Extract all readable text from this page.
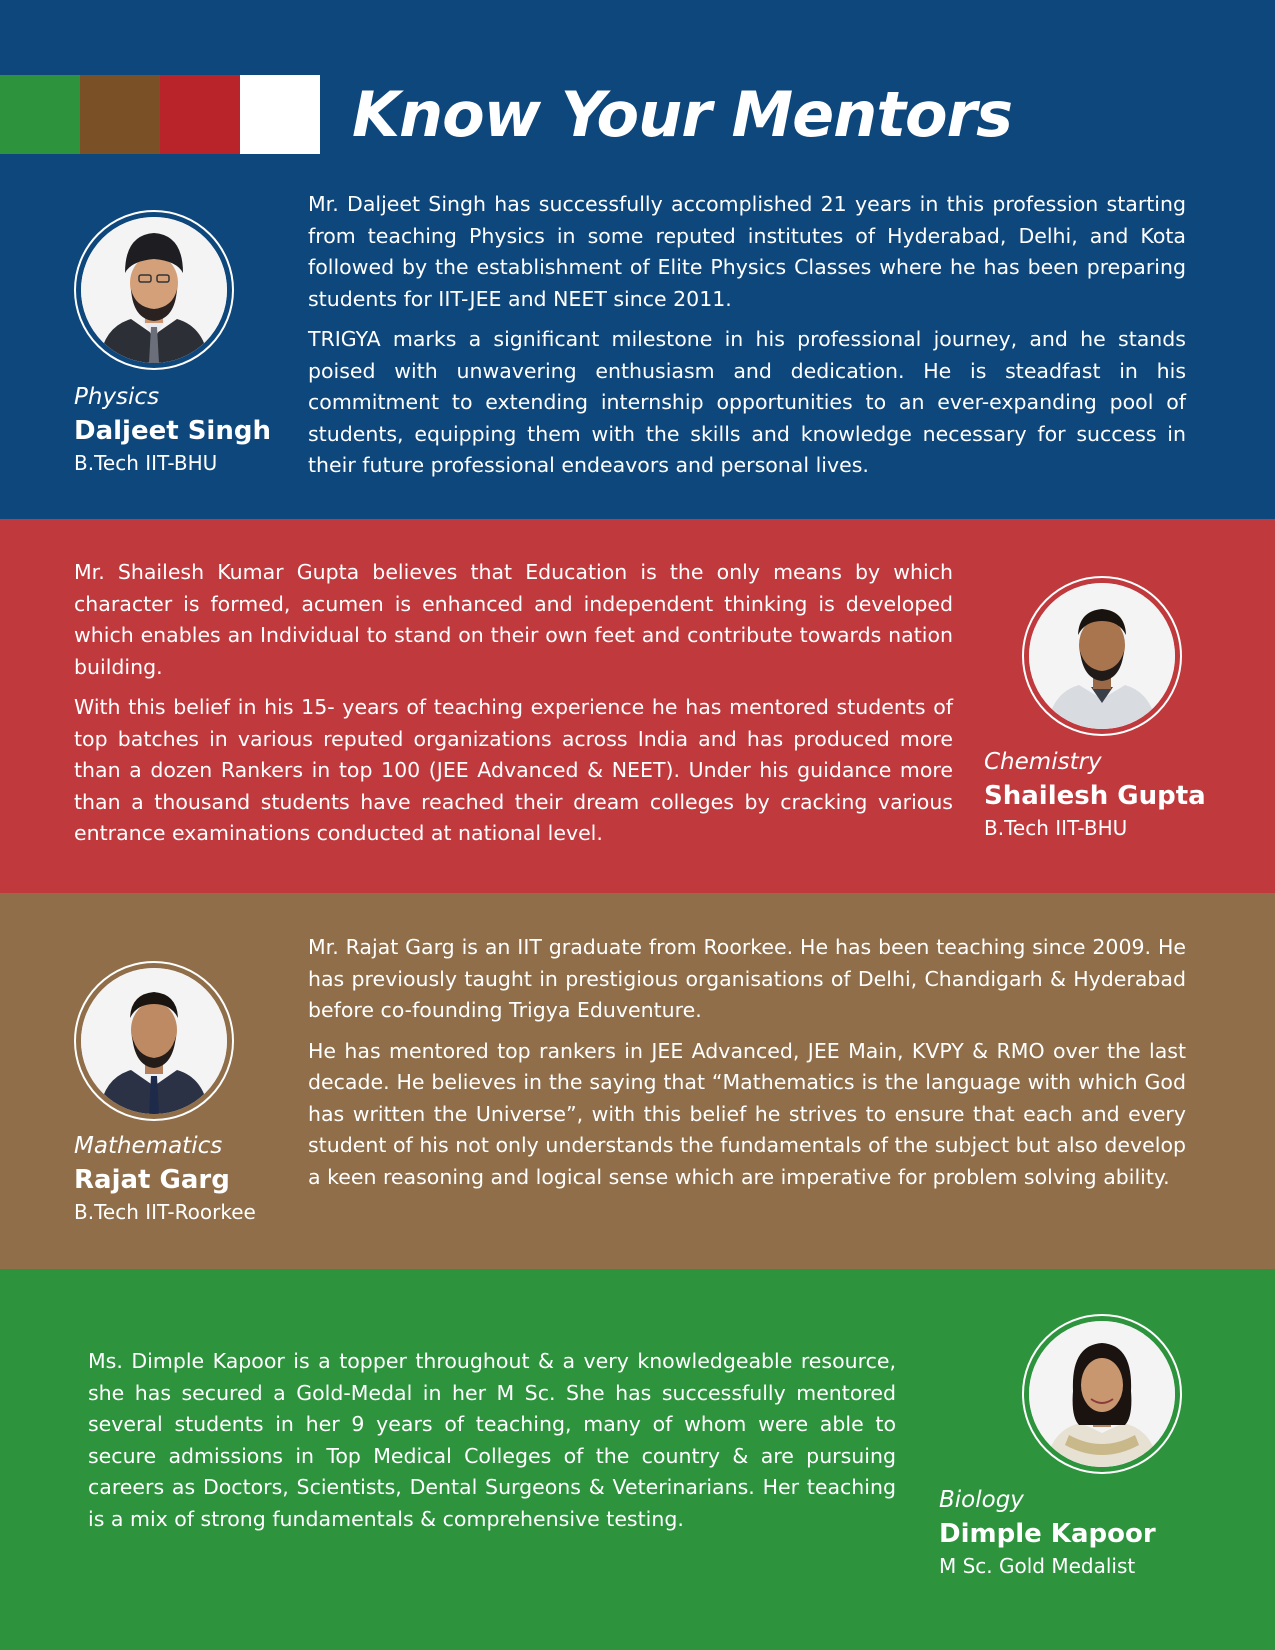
Know Your Mentors

Physics

Daljeet Singh

B.Tech IIT-BHU

Mr. Daljeet Singh has successfully accomplished 21 years in this profession starting from teaching Physics in some reputed institutes of Hyderabad, Delhi, and Kota followed by the establishment of Elite Physics Classes where he has been preparing students for IIT-JEE and NEET since 2011.

TRIGYA marks a significant milestone in his professional journey, and he stands poised with unwavering enthusiasm and dedication. He is steadfast in his commitment to extending internship opportunities to an ever-expanding pool of students, equipping them with the skills and knowledge necessary for success in their future professional endeavors and personal lives.

Mr. Shailesh Kumar Gupta believes that Education is the only means by which character is formed, acumen is enhanced and independent thinking is developed which enables an Individual to stand on their own feet and contribute towards nation building.

With this belief in his 15- years of teaching experience he has mentored students of top batches in various reputed organizations across India and has produced more than a dozen Rankers in top 100 (JEE Advanced & NEET). Under his guidance more than a thousand students have reached their dream colleges by cracking various entrance examinations conducted at national level.

Chemistry

Shailesh Gupta

B.Tech IIT-BHU

Mathematics

Rajat Garg

B.Tech IIT-Roorkee

Mr. Rajat Garg is an IIT graduate from Roorkee. He has been teaching since 2009. He has previously taught in prestigious organisations of Delhi, Chandigarh & Hyderabad before co-founding Trigya Eduventure.

He has mentored top rankers in JEE Advanced, JEE Main, KVPY & RMO over the last decade. He believes in the saying that “Mathematics is the language with which God has written the Universe”, with this belief he strives to ensure that each and every student of his not only understands the fundamentals of the subject but also develop a keen reasoning and logical sense which are imperative for problem solving ability.

Ms. Dimple Kapoor is a topper throughout & a very knowledgeable resource, she has secured a Gold-Medal in her M Sc. She has successfully mentored several students in her 9 years of teaching, many of whom were able to secure admissions in Top Medical Colleges of the country & are pursuing careers as Doctors, Scientists, Dental Surgeons & Veterinarians. Her teaching is a mix of strong fundamentals & comprehensive testing.

Biology

Dimple Kapoor

M Sc. Gold Medalist
